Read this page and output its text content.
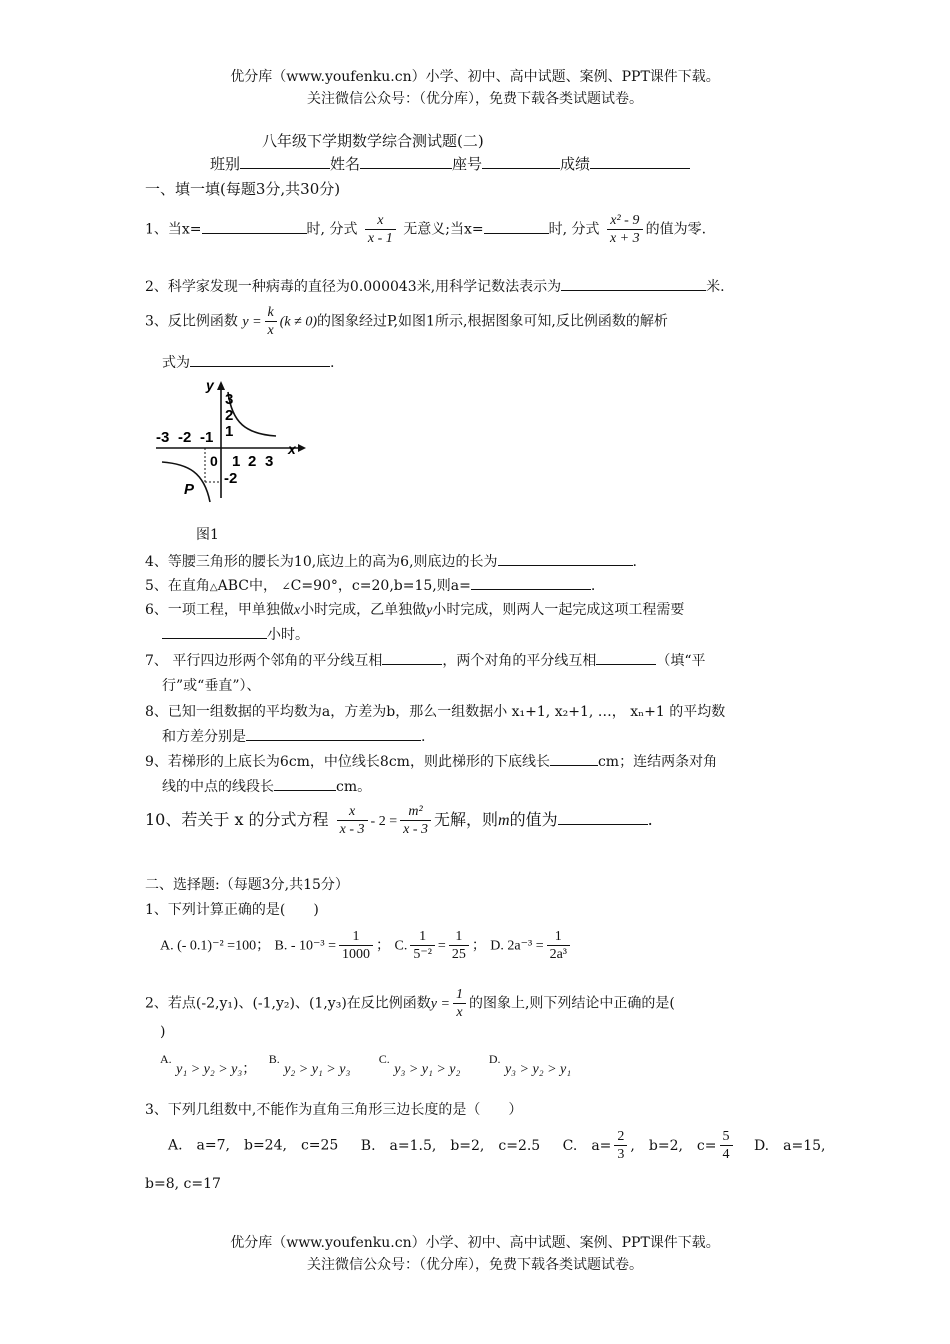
优分库（www.youfenku.cn）小学、初中、高中试题、案例、PPT课件下载。
关注微信公众号：（优分库），免费下载各类试题试卷。
八年级下学期数学综合测试题(二)
班别	姓名	座号	成绩
一、填一填(每题3分,共30分)
1、当x=	时, 分式 $\frac{x}{x - 1}$ 无意义;当x=	时, 分式 $\frac{\text{x² - 9}}{x + 3}$ 的值为零.
2、科学家发现一种病毒的直径为0.000043米,用科学记数法表示为	米.
3、反比例函数 $y = \frac{k}{x} (k \ne 0)$的图象经过P,如图1所示,根据图象可知,反比例函数的解析
式为	.
-3 -2 -1
0 1 2 3
3
2
1
-2
x
y
P
图1
4、等腰三角形的腰长为10,底边上的高为6,则底边的长为	.
5、在直角△ABC中， ∠C=90°，c=20,b=15,则a=	.
6、一项工程，甲单独做x小时完成，乙单独做y小时完成，则两人一起完成这项工程需要
小时。
7、 平行四边形两个邻角的平分线互相	，两个对角的平分线互相	（填“平
行”或“垂直”）、
8、已知一组数据的平均数为a，方差为b，那么一组数据小 x₁+1, x₂+1, …， xₙ+1 的平均数
和方差分别是	.
9、若梯形的上底长为6cm，中位线长8cm，则此梯形的下底线长	cm；连结两条对角
线的中点的线段长	cm。
10、若关于 x 的分式方程 $\frac{x}{x - 3} - 2 = \frac{\text{m²}}{x - 3}$ 无解，则m的值为	.
二、选择题:（每题3分,共15分）
1、下列计算正确的是(　　)
A. (- 0.1)⁻² =100； B. - $10^{-3} = \frac{1}{1000}$ ； C. $\frac{1}{\text{5⁻²}} = \frac{1}{25}$ ； D. $2a^{-3} = \frac{1}{\text{2a³}}$
2、若点(-2,y₁)、(-1,y₂)、(1,y₃)在反比例函数$y = \frac{1}{x}$ 的图象上,则下列结论中正确的是(
)
A. y₁ > y₂ > y₃； B. y₂ > y₁ > y₃ C. y₃ > y₁ > y₂ D. y₃ > y₂ > y₁
3、下列几组数中,不能作为直角三角形三边长度的是（　　）
A.　a=7,　b=24,　c=25 B.　a=1.5,　b=2,　c=2.5 C.　$a= \frac{2}{3}$ ,　b=2,　$c= \frac{5}{4} D$.　a=15,
b=8, c=17
优分库（www.youfenku.cn）小学、初中、高中试题、案例、PPT课件下载。
关注微信公众号：（优分库），免费下载各类试题试卷。
